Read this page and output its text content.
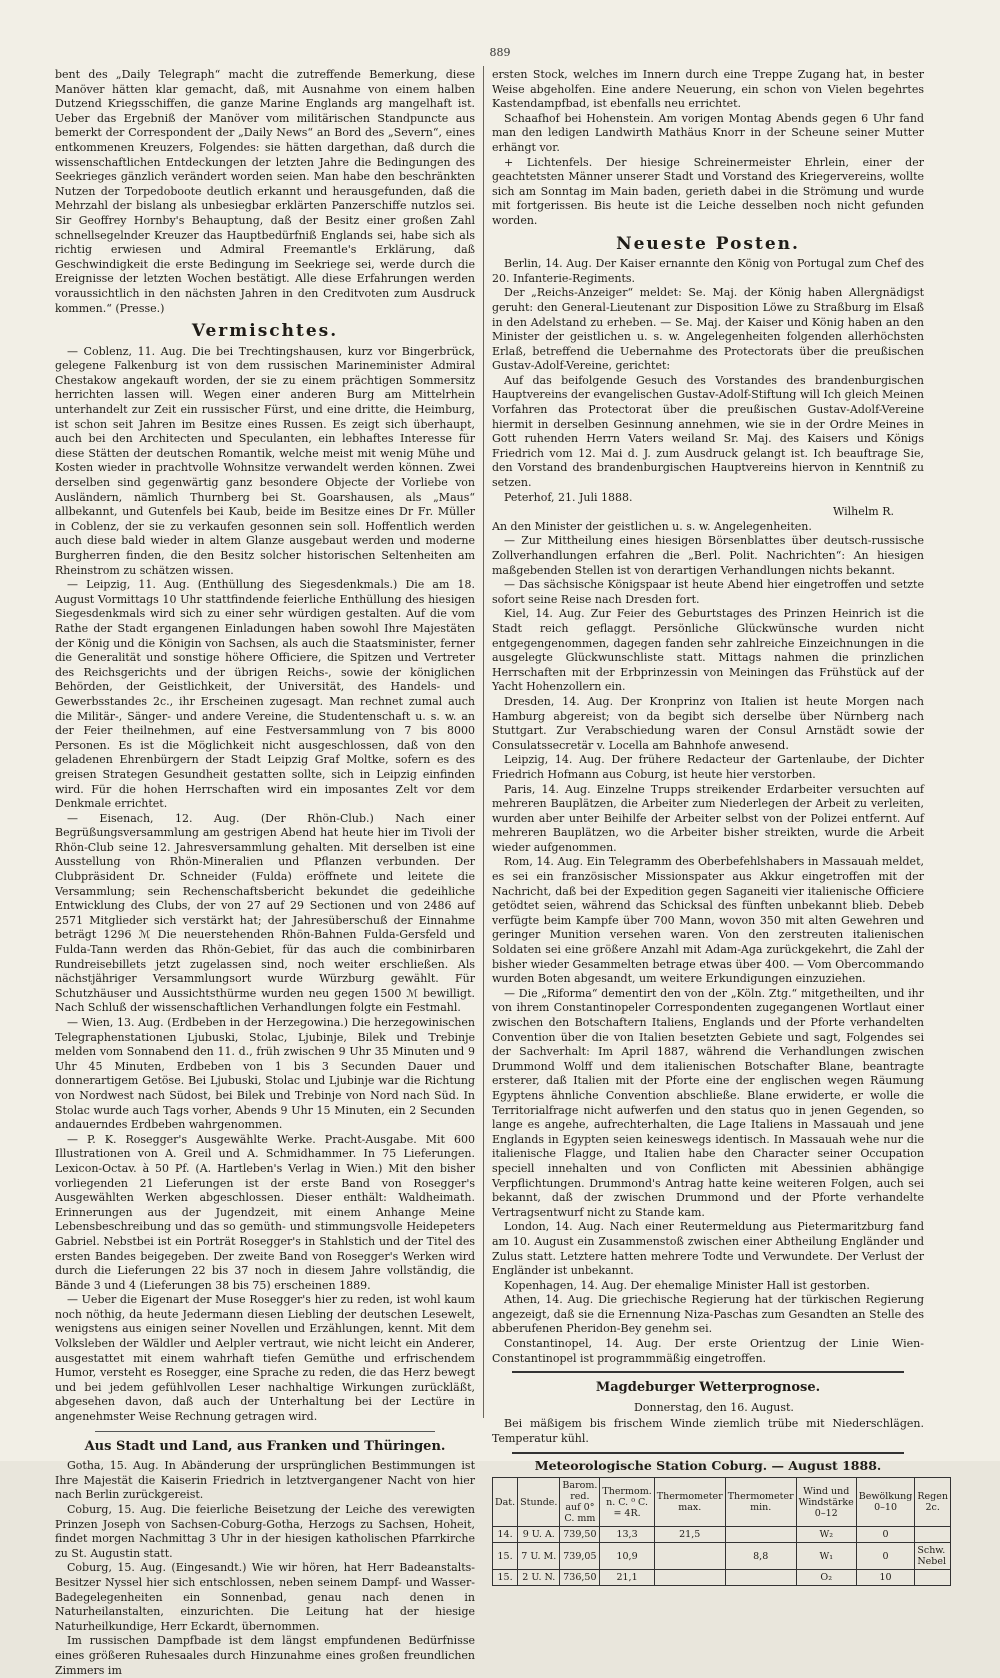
889

bent des „Daily Telegraph“ macht die zutreffende Bemerkung, diese Manöver hätten klar gemacht, daß, mit Ausnahme von einem halben Dutzend Kriegsschiffen, die ganze Marine Englands arg mangelhaft ist. Ueber das Ergebniß der Manöver vom militärischen Standpuncte aus bemerkt der Correspondent der „Daily News“ an Bord des „Severn“, eines entkommenen Kreuzers, Folgendes: sie hätten dargethan, daß durch die wissenschaftlichen Entdeckungen der letzten Jahre die Bedingungen des Seekrieges gänzlich verändert worden seien. Man habe den beschränkten Nutzen der Torpedoboote deutlich erkannt und herausgefunden, daß die Mehrzahl der bislang als unbesiegbar erklärten Panzerschiffe nutzlos sei. Sir Geoffrey Hornby's Behauptung, daß der Besitz einer großen Zahl schnellsegelnder Kreuzer das Hauptbedürfniß Englands sei, habe sich als richtig erwiesen und Admiral Freemantle's Erklärung, daß Geschwindigkeit die erste Bedingung im Seekriege sei, werde durch die Ereignisse der letzten Wochen bestätigt. Alle diese Erfahrungen werden voraussichtlich in den nächsten Jahren in den Creditvoten zum Ausdruck kommen.“ (Presse.)

Vermischtes.

— Coblenz, 11. Aug. Die bei Trechtingshausen, kurz vor Bingerbrück, gelegene Falkenburg ist von dem russischen Marineminister Admiral Chestakow angekauft worden, der sie zu einem prächtigen Sommersitz herrichten lassen will. Wegen einer anderen Burg am Mittelrhein unterhandelt zur Zeit ein russischer Fürst, und eine dritte, die Heimburg, ist schon seit Jahren im Besitze eines Russen. Es zeigt sich überhaupt, auch bei den Architecten und Speculanten, ein lebhaftes Interesse für diese Stätten der deutschen Romantik, welche meist mit wenig Mühe und Kosten wieder in prachtvolle Wohnsitze verwandelt werden können. Zwei derselben sind gegenwärtig ganz besondere Objecte der Vorliebe von Ausländern, nämlich Thurnberg bei St. Goarshausen, als „Maus“ allbekannt, und Gutenfels bei Kaub, beide im Besitze eines Dr Fr. Müller in Coblenz, der sie zu verkaufen gesonnen sein soll. Hoffentlich werden auch diese bald wieder in altem Glanze ausgebaut werden und moderne Burgherren finden, die den Besitz solcher historischen Seltenheiten am Rheinstrom zu schätzen wissen.

— Leipzig, 11. Aug. (Enthüllung des Siegesdenkmals.) Die am 18. August Vormittags 10 Uhr stattfindende feierliche Enthüllung des hiesigen Siegesdenkmals wird sich zu einer sehr würdigen gestalten. Auf die vom Rathe der Stadt ergangenen Einladungen haben sowohl Ihre Majestäten der König und die Königin von Sachsen, als auch die Staatsminister, ferner die Generalität und sonstige höhere Officiere, die Spitzen und Vertreter des Reichsgerichts und der übrigen Reichs-, sowie der königlichen Behörden, der Geistlichkeit, der Universität, des Handels- und Gewerbsstandes 2c., ihr Erscheinen zugesagt. Man rechnet zumal auch die Militär-, Sänger- und andere Vereine, die Studentenschaft u. s. w. an der Feier theilnehmen, auf eine Festversammlung von 7 bis 8000 Personen. Es ist die Möglichkeit nicht ausgeschlossen, daß von den geladenen Ehrenbürgern der Stadt Leipzig Graf Moltke, sofern es des greisen Strategen Gesundheit gestatten sollte, sich in Leipzig einfinden wird. Für die hohen Herrschaften wird ein imposantes Zelt vor dem Denkmale errichtet.

— Eisenach, 12. Aug. (Der Rhön-Club.) Nach einer Begrüßungsversammlung am gestrigen Abend hat heute hier im Tivoli der Rhön-Club seine 12. Jahresversammlung gehalten. Mit derselben ist eine Ausstellung von Rhön-Mineralien und Pflanzen verbunden. Der Clubpräsident Dr. Schneider (Fulda) eröffnete und leitete die Versammlung; sein Rechenschaftsbericht bekundet die gedeihliche Entwicklung des Clubs, der von 27 auf 29 Sectionen und von 2486 auf 2571 Mitglieder sich verstärkt hat; der Jahresüberschuß der Einnahme beträgt 1296 ℳ Die neuerstehenden Rhön-Bahnen Fulda-Gersfeld und Fulda-Tann werden das Rhön-Gebiet, für das auch die combinirbaren Rundreisebillets jetzt zugelassen sind, noch weiter erschließen. Als nächstjähriger Versammlungsort wurde Würzburg gewählt. Für Schutzhäuser und Aussichtsthürme wurden neu gegen 1500 ℳ bewilligt. Nach Schluß der wissenschaftlichen Verhandlungen folgte ein Festmahl.

— Wien, 13. Aug. (Erdbeben in der Herzegowina.) Die herzegowinischen Telegraphenstationen Ljubuski, Stolac, Ljubinje, Bilek und Trebinje melden vom Sonnabend den 11. d., früh zwischen 9 Uhr 35 Minuten und 9 Uhr 45 Minuten, Erdbeben von 1 bis 3 Secunden Dauer und donnerartigem Getöse. Bei Ljubuski, Stolac und Ljubinje war die Richtung von Nordwest nach Südost, bei Bilek und Trebinje von Nord nach Süd. In Stolac wurde auch Tags vorher, Abends 9 Uhr 15 Minuten, ein 2 Secunden andauerndes Erdbeben wahrgenommen.

— P. K. Rosegger's Ausgewählte Werke. Pracht-Ausgabe. Mit 600 Illustrationen von A. Greil und A. Schmidhammer. In 75 Lieferungen. Lexicon-Octav. à 50 Pf. (A. Hartleben's Verlag in Wien.) Mit den bisher vorliegenden 21 Lieferungen ist der erste Band von Rosegger's Ausgewählten Werken abgeschlossen. Dieser enthält: Waldheimath. Erinnerungen aus der Jugendzeit, mit einem Anhange Meine Lebensbeschreibung und das so gemüth- und stimmungsvolle Heidepeters Gabriel. Nebstbei ist ein Porträt Rosegger's in Stahlstich und der Titel des ersten Bandes beigegeben. Der zweite Band von Rosegger's Werken wird durch die Lieferungen 22 bis 37 noch in diesem Jahre vollständig, die Bände 3 und 4 (Lieferungen 38 bis 75) erscheinen 1889.

— Ueber die Eigenart der Muse Rosegger's hier zu reden, ist wohl kaum noch nöthig, da heute Jedermann diesen Liebling der deutschen Lesewelt, wenigstens aus einigen seiner Novellen und Erzählungen, kennt. Mit dem Volksleben der Wäldler und Aelpler vertraut, wie nicht leicht ein Anderer, ausgestattet mit einem wahrhaft tiefen Gemüthe und erfrischendem Humor, versteht es Rosegger, eine Sprache zu reden, die das Herz bewegt und bei jedem gefühlvollen Leser nachhaltige Wirkungen zurückläßt, abgesehen davon, daß auch der Unterhaltung bei der Lectüre in angenehmster Weise Rechnung getragen wird.

Aus Stadt und Land, aus Franken und Thüringen.

Gotha, 15. Aug. In Abänderung der ursprünglichen Bestimmungen ist Ihre Majestät die Kaiserin Friedrich in letztvergangener Nacht von hier nach Berlin zurückgereist.

Coburg, 15. Aug. Die feierliche Beisetzung der Leiche des verewigten Prinzen Joseph von Sachsen-Coburg-Gotha, Herzogs zu Sachsen, Hoheit, findet morgen Nachmittag 3 Uhr in der hiesigen katholischen Pfarrkirche zu St. Augustin statt.

Coburg, 15. Aug. (Eingesandt.) Wie wir hören, hat Herr Badeanstalts-Besitzer Nyssel hier sich entschlossen, neben seinem Dampf- und Wasser-Badegelegenheiten ein Sonnenbad, genau nach denen in Naturheilanstalten, einzurichten. Die Leitung hat der hiesige Naturheilkundige, Herr Eckardt, übernommen.

Im russischen Dampfbade ist dem längst empfundenen Bedürfnisse eines größeren Ruhesaales durch Hinzunahme eines großen freundlichen Zimmers im

ersten Stock, welches im Innern durch eine Treppe Zugang hat, in bester Weise abgeholfen. Eine andere Neuerung, ein schon von Vielen begehrtes Kastendampfbad, ist ebenfalls neu errichtet.

Schaafhof bei Hohenstein. Am vorigen Montag Abends gegen 6 Uhr fand man den ledigen Landwirth Mathäus Knorr in der Scheune seiner Mutter erhängt vor.

+ Lichtenfels. Der hiesige Schreinermeister Ehrlein, einer der geachtetsten Männer unserer Stadt und Vorstand des Kriegervereins, wollte sich am Sonntag im Main baden, gerieth dabei in die Strömung und wurde mit fortgerissen. Bis heute ist die Leiche desselben noch nicht gefunden worden.

Neueste Posten.

Berlin, 14. Aug. Der Kaiser ernannte den König von Portugal zum Chef des 20. Infanterie-Regiments.

Der „Reichs-Anzeiger“ meldet: Se. Maj. der König haben Allergnädigst geruht: den General-Lieutenant zur Disposition Löwe zu Straßburg im Elsaß in den Adelstand zu erheben. — Se. Maj. der Kaiser und König haben an den Minister der geistlichen u. s. w. Angelegenheiten folgenden allerhöchsten Erlaß, betreffend die Uebernahme des Protectorats über die preußischen Gustav-Adolf-Vereine, gerichtet:

Auf das beifolgende Gesuch des Vorstandes des brandenburgischen Hauptvereins der evangelischen Gustav-Adolf-Stiftung will Ich gleich Meinen Vorfahren das Protectorat über die preußischen Gustav-Adolf-Vereine hiermit in derselben Gesinnung annehmen, wie sie in der Ordre Meines in Gott ruhenden Herrn Vaters weiland Sr. Maj. des Kaisers und Königs Friedrich vom 12. Mai d. J. zum Ausdruck gelangt ist. Ich beauftrage Sie, den Vorstand des brandenburgischen Hauptvereins hiervon in Kenntniß zu setzen.

Peterhof, 21. Juli 1888.

Wilhelm R.

An den Minister der geistlichen u. s. w. Angelegenheiten.

— Zur Mittheilung eines hiesigen Börsenblattes über deutsch-russische Zollverhandlungen erfahren die „Berl. Polit. Nachrichten“: An hiesigen maßgebenden Stellen ist von derartigen Verhandlungen nichts bekannt.

— Das sächsische Königspaar ist heute Abend hier eingetroffen und setzte sofort seine Reise nach Dresden fort.

Kiel, 14. Aug. Zur Feier des Geburtstages des Prinzen Heinrich ist die Stadt reich geflaggt. Persönliche Glückwünsche wurden nicht entgegengenommen, dagegen fanden sehr zahlreiche Einzeichnungen in die ausgelegte Glückwunschliste statt. Mittags nahmen die prinzlichen Herrschaften mit der Erbprinzessin von Meiningen das Frühstück auf der Yacht Hohenzollern ein.

Dresden, 14. Aug. Der Kronprinz von Italien ist heute Morgen nach Hamburg abgereist; von da begibt sich derselbe über Nürnberg nach Stuttgart. Zur Verabschiedung waren der Consul Arnstädt sowie der Consulatssecretär v. Locella am Bahnhofe anwesend.

Leipzig, 14. Aug. Der frühere Redacteur der Gartenlaube, der Dichter Friedrich Hofmann aus Coburg, ist heute hier verstorben.

Paris, 14. Aug. Einzelne Trupps streikender Erdarbeiter versuchten auf mehreren Bauplätzen, die Arbeiter zum Niederlegen der Arbeit zu verleiten, wurden aber unter Beihilfe der Arbeiter selbst von der Polizei entfernt. Auf mehreren Bauplätzen, wo die Arbeiter bisher streikten, wurde die Arbeit wieder aufgenommen.

Rom, 14. Aug. Ein Telegramm des Oberbefehlshabers in Massauah meldet, es sei ein französischer Missionspater aus Akkur eingetroffen mit der Nachricht, daß bei der Expedition gegen Saganeiti vier italienische Officiere getödtet seien, während das Schicksal des fünften unbekannt blieb. Debeb verfügte beim Kampfe über 700 Mann, wovon 350 mit alten Gewehren und geringer Munition versehen waren. Von den zerstreuten italienischen Soldaten sei eine größere Anzahl mit Adam-Aga zurückgekehrt, die Zahl der bisher wieder Gesammelten betrage etwas über 400. — Vom Obercommando wurden Boten abgesandt, um weitere Erkundigungen einzuziehen.

— Die „Riforma“ dementirt den von der „Köln. Ztg.“ mitgetheilten, und ihr von ihrem Constantinopeler Correspondenten zugegangenen Wortlaut einer zwischen den Botschaftern Italiens, Englands und der Pforte verhandelten Convention über die von Italien besetzten Gebiete und sagt, Folgendes sei der Sachverhalt: Im April 1887, während die Verhandlungen zwischen Drummond Wolff und dem italienischen Botschafter Blane, beantragte ersterer, daß Italien mit der Pforte eine der englischen wegen Räumung Egyptens ähnliche Convention abschließe. Blane erwiderte, er wolle die Territorialfrage nicht aufwerfen und den status quo in jenen Gegenden, so lange es angehe, aufrechterhalten, die Lage Italiens in Massauah und jene Englands in Egypten seien keineswegs identisch. In Massauah wehe nur die italienische Flagge, und Italien habe den Character seiner Occupation speciell innehalten und von Conflicten mit Abessinien abhängige Verpflichtungen. Drummond's Antrag hatte keine weiteren Folgen, auch sei bekannt, daß der zwischen Drummond und der Pforte verhandelte Vertragsentwurf nicht zu Stande kam.

London, 14. Aug. Nach einer Reutermeldung aus Pietermaritzburg fand am 10. August ein Zusammenstoß zwischen einer Abtheilung Engländer und Zulus statt. Letztere hatten mehrere Todte und Verwundete. Der Verlust der Engländer ist unbekannt.

Kopenhagen, 14. Aug. Der ehemalige Minister Hall ist gestorben.

Athen, 14. Aug. Die griechische Regierung hat der türkischen Regierung angezeigt, daß sie die Ernennung Niza-Paschas zum Gesandten an Stelle des abberufenen Pheridon-Bey genehm sei.

Constantinopel, 14. Aug. Der erste Orientzug der Linie Wien-Constantinopel ist programmmäßig eingetroffen.

Magdeburger Wetterprognose.

Donnerstag, den 16. August.

Bei mäßigem bis frischem Winde ziemlich trübe mit Niederschlägen. Temperatur kühl.

Meteorologische Station Coburg. — August 1888.
Dat.	Stunde.	Barom. red. auf 0° C. mm	Thermom. n. C. ⁰ C. = 4R.	Thermometer max.	Thermometer min.	Wind und Windstärke 0–12	Bewölkung 0–10	Regen 2c.
14.	9 U. A.	739,50	13,3	21,5		W₂	0	
15.	7 U. M.	739,05	10,9		8,8	W₁	0	Schw. Nebel
15.	2 U. N.	736,50	21,1			O₂	10	
